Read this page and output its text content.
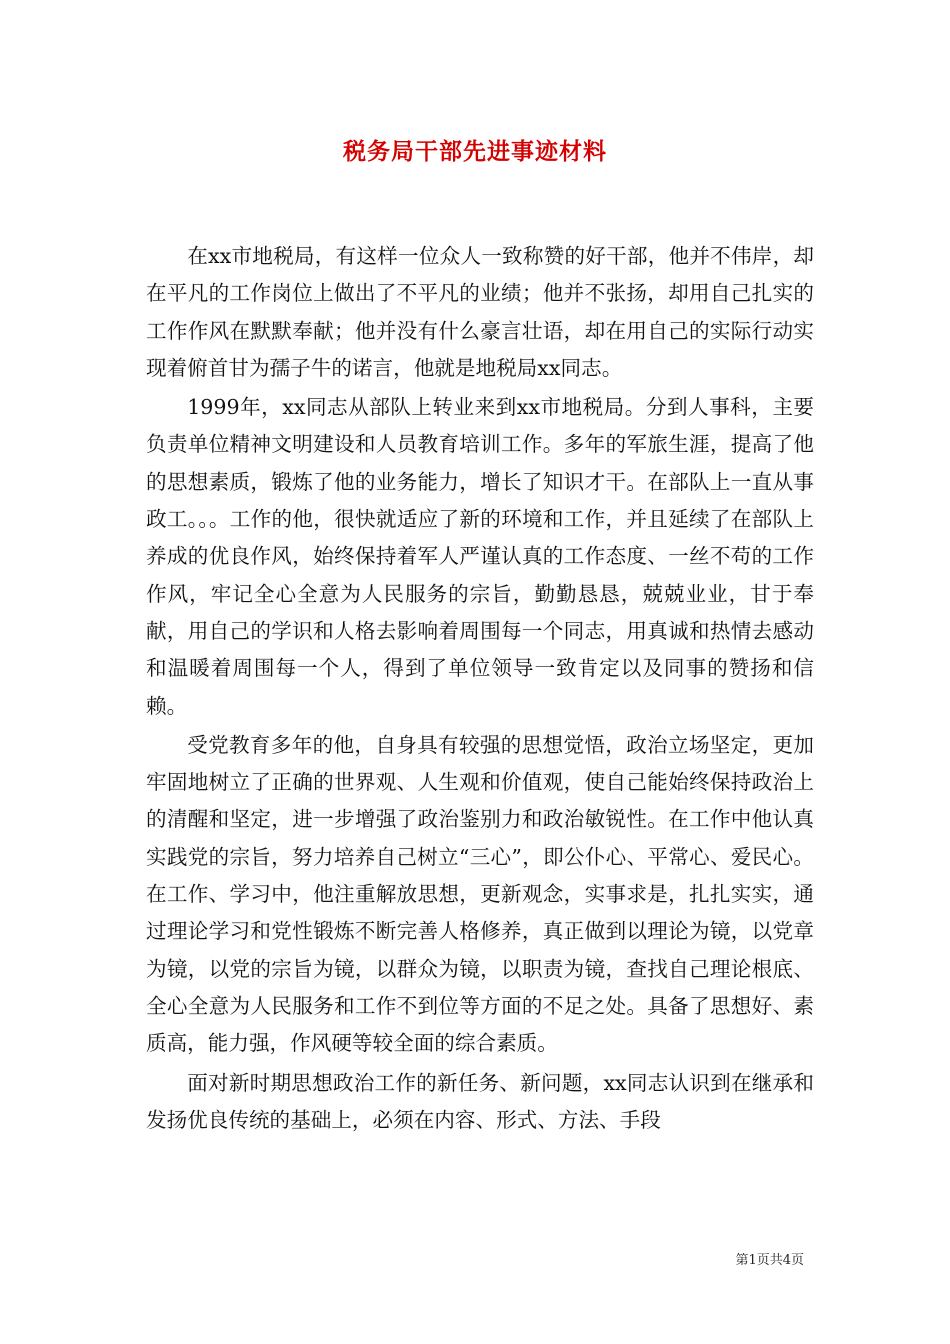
税务局干部先进事迹材料

在xx市地税局，有这样一位众人一致称赞的好干部，他并不伟岸，却在平凡的工作岗位上做出了不平凡的业绩；他并不张扬，却用自己扎实的工作作风在默默奉献；他并没有什么豪言壮语，却在用自己的实际行动实现着俯首甘为孺子牛的诺言，他就是地税局xx同志。

1999年，xx同志从部队上转业来到xx市地税局。分到人事科，主要负责单位精神文明建设和人员教育培训工作。多年的军旅生涯，提高了他的思想素质，锻炼了他的业务能力，增长了知识才干。在部队上一直从事政工。。。工作的他，很快就适应了新的环境和工作，并且延续了在部队上养成的优良作风，始终保持着军人严谨认真的工作态度、一丝不苟的工作作风，牢记全心全意为人民服务的宗旨，勤勤恳恳，兢兢业业，甘于奉献，用自己的学识和人格去影响着周围每一个同志，用真诚和热情去感动和温暖着周围每一个人，得到了单位领导一致肯定以及同事的赞扬和信赖。

受党教育多年的他，自身具有较强的思想觉悟，政治立场坚定，更加牢固地树立了正确的世界观、人生观和价值观，使自己能始终保持政治上的清醒和坚定，进一步增强了政治鉴别力和政治敏锐性。在工作中他认真实践党的宗旨，努力培养自己树立“三心”，即公仆心、平常心、爱民心。在工作、学习中，他注重解放思想，更新观念，实事求是，扎扎实实，通过理论学习和党性锻炼不断完善人格修养，真正做到以理论为镜，以党章为镜，以党的宗旨为镜，以群众为镜，以职责为镜，查找自己理论根底、全心全意为人民服务和工作不到位等方面的不足之处。具备了思想好、素质高，能力强，作风硬等较全面的综合素质。

面对新时期思想政治工作的新任务、新问题，xx同志认识到在继承和发扬优良传统的基础上，必须在内容、形式、方法、手段

第1页共4页
